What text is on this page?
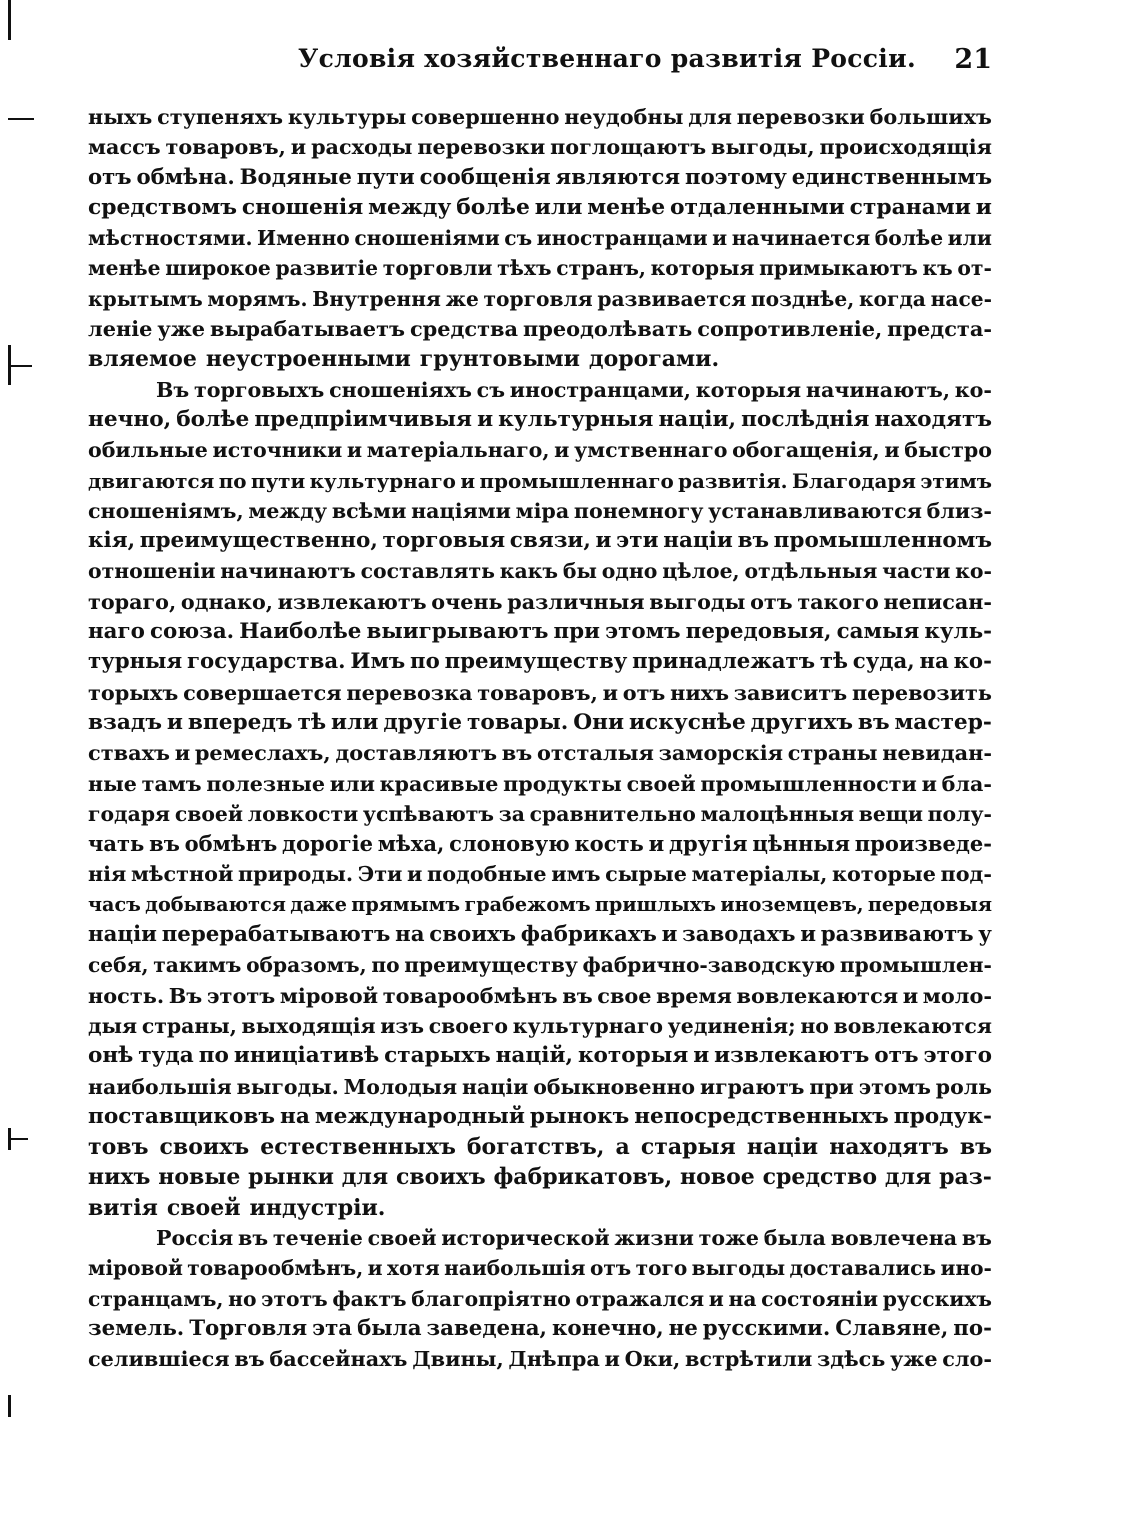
Условія хозяйственнаго развитія Россіи. 21
ныхъ ступеняхъ культуры совершенно неудобны для перевозки большихъ
массъ товаровъ, и расходы перевозки поглощаютъ выгоды, происходящія
отъ обмѣна. Водяные пути сообщенія являются поэтому единственнымъ
средствомъ сношенія между болѣе или менѣе отдаленными странами и
мѣстностями. Именно сношеніями съ иностранцами и начинается болѣе или
менѣе широкое развитіе торговли тѣхъ странъ, которыя примыкаютъ къ от-
крытымъ морямъ. Внутрення же торговля развивается позднѣе, когда насе-
леніе уже вырабатываетъ средства преодолѣвать сопротивленіе, предста-
вляемое неустроенными грунтовыми дорогами.
Въ торговыхъ сношеніяхъ съ иностранцами, которыя начинаютъ, ко-
нечно, болѣе предпріимчивыя и культурныя націи, послѣднія находятъ
обильные источники и матеріальнаго, и умственнаго обогащенія, и быстро
двигаются по пути культурнаго и промышленнаго развитія. Благодаря этимъ
сношеніямъ, между всѣми націями міра понемногу устанавливаются близ-
кія, преимущественно, торговыя связи, и эти націи въ промышленномъ
отношеніи начинаютъ составлять какъ бы одно цѣлое, отдѣльныя части ко-
тораго, однако, извлекаютъ очень различныя выгоды отъ такого неписан-
наго союза. Наиболѣе выигрываютъ при этомъ передовыя, самыя куль-
турныя государства. Имъ по преимуществу принадлежатъ тѣ суда, на ко-
торыхъ совершается перевозка товаровъ, и отъ нихъ зависитъ перевозить
взадъ и впередъ тѣ или другіе товары. Они искуснѣе другихъ въ мастер-
ствахъ и ремеслахъ, доставляютъ въ отсталыя заморскія страны невидан-
ные тамъ полезные или красивые продукты своей промышленности и бла-
годаря своей ловкости успѣваютъ за сравнительно малоцѣнныя вещи полу-
чать въ обмѣнъ дорогіе мѣха, слоновую кость и другія цѣнныя произведе-
нія мѣстной природы. Эти и подобные имъ сырые матеріалы, которые под-
часъ добываются даже прямымъ грабежомъ пришлыхъ иноземцевъ, передовыя
націи перерабатываютъ на своихъ фабрикахъ и заводахъ и развиваютъ у
себя, такимъ образомъ, по преимуществу фабрично-заводскую промышлен-
ность. Въ этотъ міровой товарообмѣнъ въ свое время вовлекаются и моло-
дыя страны, выходящія изъ своего культурнаго уединенія; но вовлекаются
онѣ туда по иниціативѣ старыхъ націй, которыя и извлекаютъ отъ этого
наибольшія выгоды. Молодыя націи обыкновенно играютъ при этомъ роль
поставщиковъ на международный рынокъ непосредственныхъ продук-
товъ своихъ естественныхъ богатствъ, а старыя націи находятъ въ
нихъ новые рынки для своихъ фабрикатовъ, новое средство для раз-
витія своей индустріи.
Россія въ теченіе своей исторической жизни тоже была вовлечена въ
міровой товарообмѣнъ, и хотя наибольшія отъ того выгоды доставались ино-
странцамъ, но этотъ фактъ благопріятно отражался и на состояніи русскихъ
земель. Торговля эта была заведена, конечно, не русскими. Славяне, по-
селившіеся въ бассейнахъ Двины, Днѣпра и Оки, встрѣтили здѣсь уже сло-
